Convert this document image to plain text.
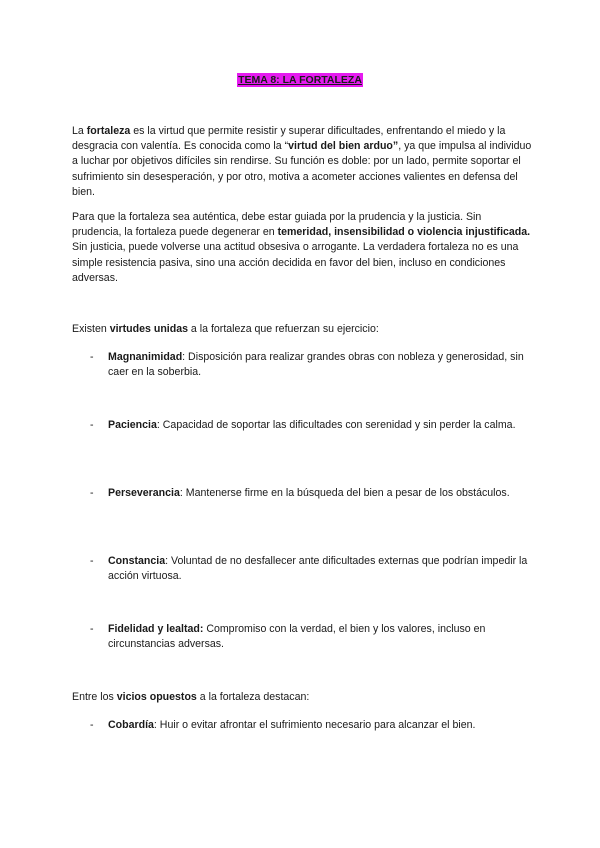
TEMA 8: LA FORTALEZA

La fortaleza es la virtud que permite resistir y superar dificultades, enfrentando el miedo y la desgracia con valentía. Es conocida como la “virtud del bien arduo”, ya que impulsa al individuo a luchar por objetivos difíciles sin rendirse. Su función es doble: por un lado, permite soportar el sufrimiento sin desesperación, y por otro, motiva a acometer acciones valientes en defensa del bien.

Para que la fortaleza sea auténtica, debe estar guiada por la prudencia y la justicia. Sin prudencia, la fortaleza puede degenerar en temeridad, insensibilidad o violencia injustificada. Sin justicia, puede volverse una actitud obsesiva o arrogante. La verdadera fortaleza no es una simple resistencia pasiva, sino una acción decidida en favor del bien, incluso en condiciones adversas.

Existen virtudes unidas a la fortaleza que refuerzan su ejercicio:

- Magnanimidad: Disposición para realizar grandes obras con nobleza y generosidad, sin caer en la soberbia.
- Paciencia: Capacidad de soportar las dificultades con serenidad y sin perder la calma.
- Perseverancia: Mantenerse firme en la búsqueda del bien a pesar de los obstáculos.
- Constancia: Voluntad de no desfallecer ante dificultades externas que podrían impedir la acción virtuosa.
- Fidelidad y lealtad: Compromiso con la verdad, el bien y los valores, incluso en circunstancias adversas.

Entre los vicios opuestos a la fortaleza destacan:

- Cobardía: Huir o evitar afrontar el sufrimiento necesario para alcanzar el bien.
